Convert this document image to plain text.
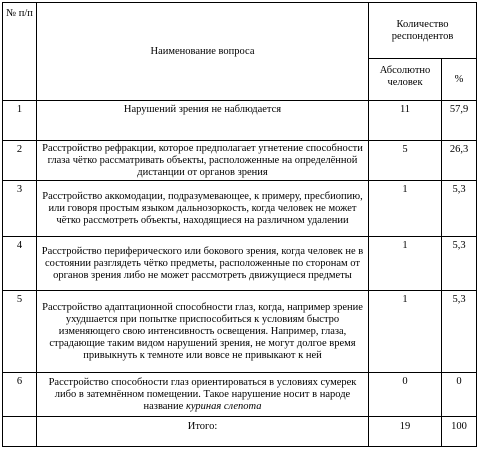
№ п/п	Наименование вопроса	Количество респондентов	
		Абсолютно человек	%
1	Нарушений зрения не наблюдается	11	57,9
2	Расстройство рефракции, которое предполагает угнетение способности глаза чётко рассматривать объекты, расположенные на определённой дистанции от органов зрения	5	26,3
3	Расстройство аккомодации, подразумевающее, к примеру, пресбиопию, или говоря простым языком дальнозоркость, когда человек не может чётко рассмотреть объекты, находящиеся на различном удалении	1	5,3
4	Расстройство периферического или бокового зрения, когда человек не в состоянии разглядеть чётко предметы, расположенные по сторонам от органов зрения либо не может рассмотреть движущиеся предметы	1	5,3
5	Расстройство адаптационной способности глаз, когда, например зрение ухудшается при попытке приспособиться к условиям быстро изменяющего свою интенсивность освещения. Например, глаза, страдающие таким видом нарушений зрения, не могут долгое время привыкнуть к темноте или вовсе не привыкают к ней	1	5,3
6	Расстройство способности глаз ориентироваться в условиях сумерек либо в затемнённом помещении. Такое нарушение носит в народе название куриная слепота	0	0
	Итого:	19	100
